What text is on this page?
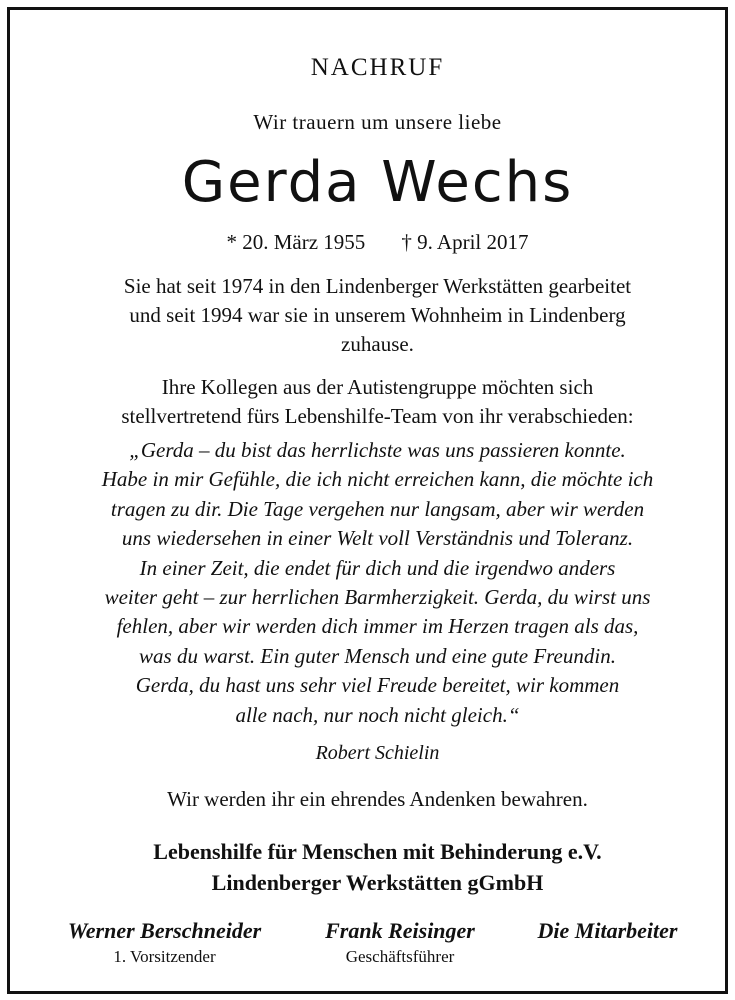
NACHRUF
Wir trauern um unsere liebe
Gerda Wechs
* 20. März 1955 † 9. April 2017
Sie hat seit 1974 in den Lindenberger Werkstätten gearbeitet
und seit 1994 war sie in unserem Wohnheim in Lindenberg
zuhause.
Ihre Kollegen aus der Autistengruppe möchten sich
stellvertretend fürs Lebenshilfe-Team von ihr verabschieden:
„Gerda – du bist das herrlichste was uns passieren konnte.
Habe in mir Gefühle, die ich nicht erreichen kann, die möchte ich
tragen zu dir. Die Tage vergehen nur langsam, aber wir werden
uns wiedersehen in einer Welt voll Verständnis und Toleranz.
In einer Zeit, die endet für dich und die irgendwo anders
weiter geht – zur herrlichen Barmherzigkeit. Gerda, du wirst uns
fehlen, aber wir werden dich immer im Herzen tragen als das,
was du warst. Ein guter Mensch und eine gute Freundin.
Gerda, du hast uns sehr viel Freude bereitet, wir kommen
alle nach, nur noch nicht gleich.“
Robert Schielin
Wir werden ihr ein ehrendes Andenken bewahren.
Lebenshilfe für Menschen mit Behinderung e.V.
Lindenberger Werkstätten gGmbH
Werner Berschneider
1. Vorsitzender
Frank Reisinger
Geschäftsführer
Die Mitarbeiter
